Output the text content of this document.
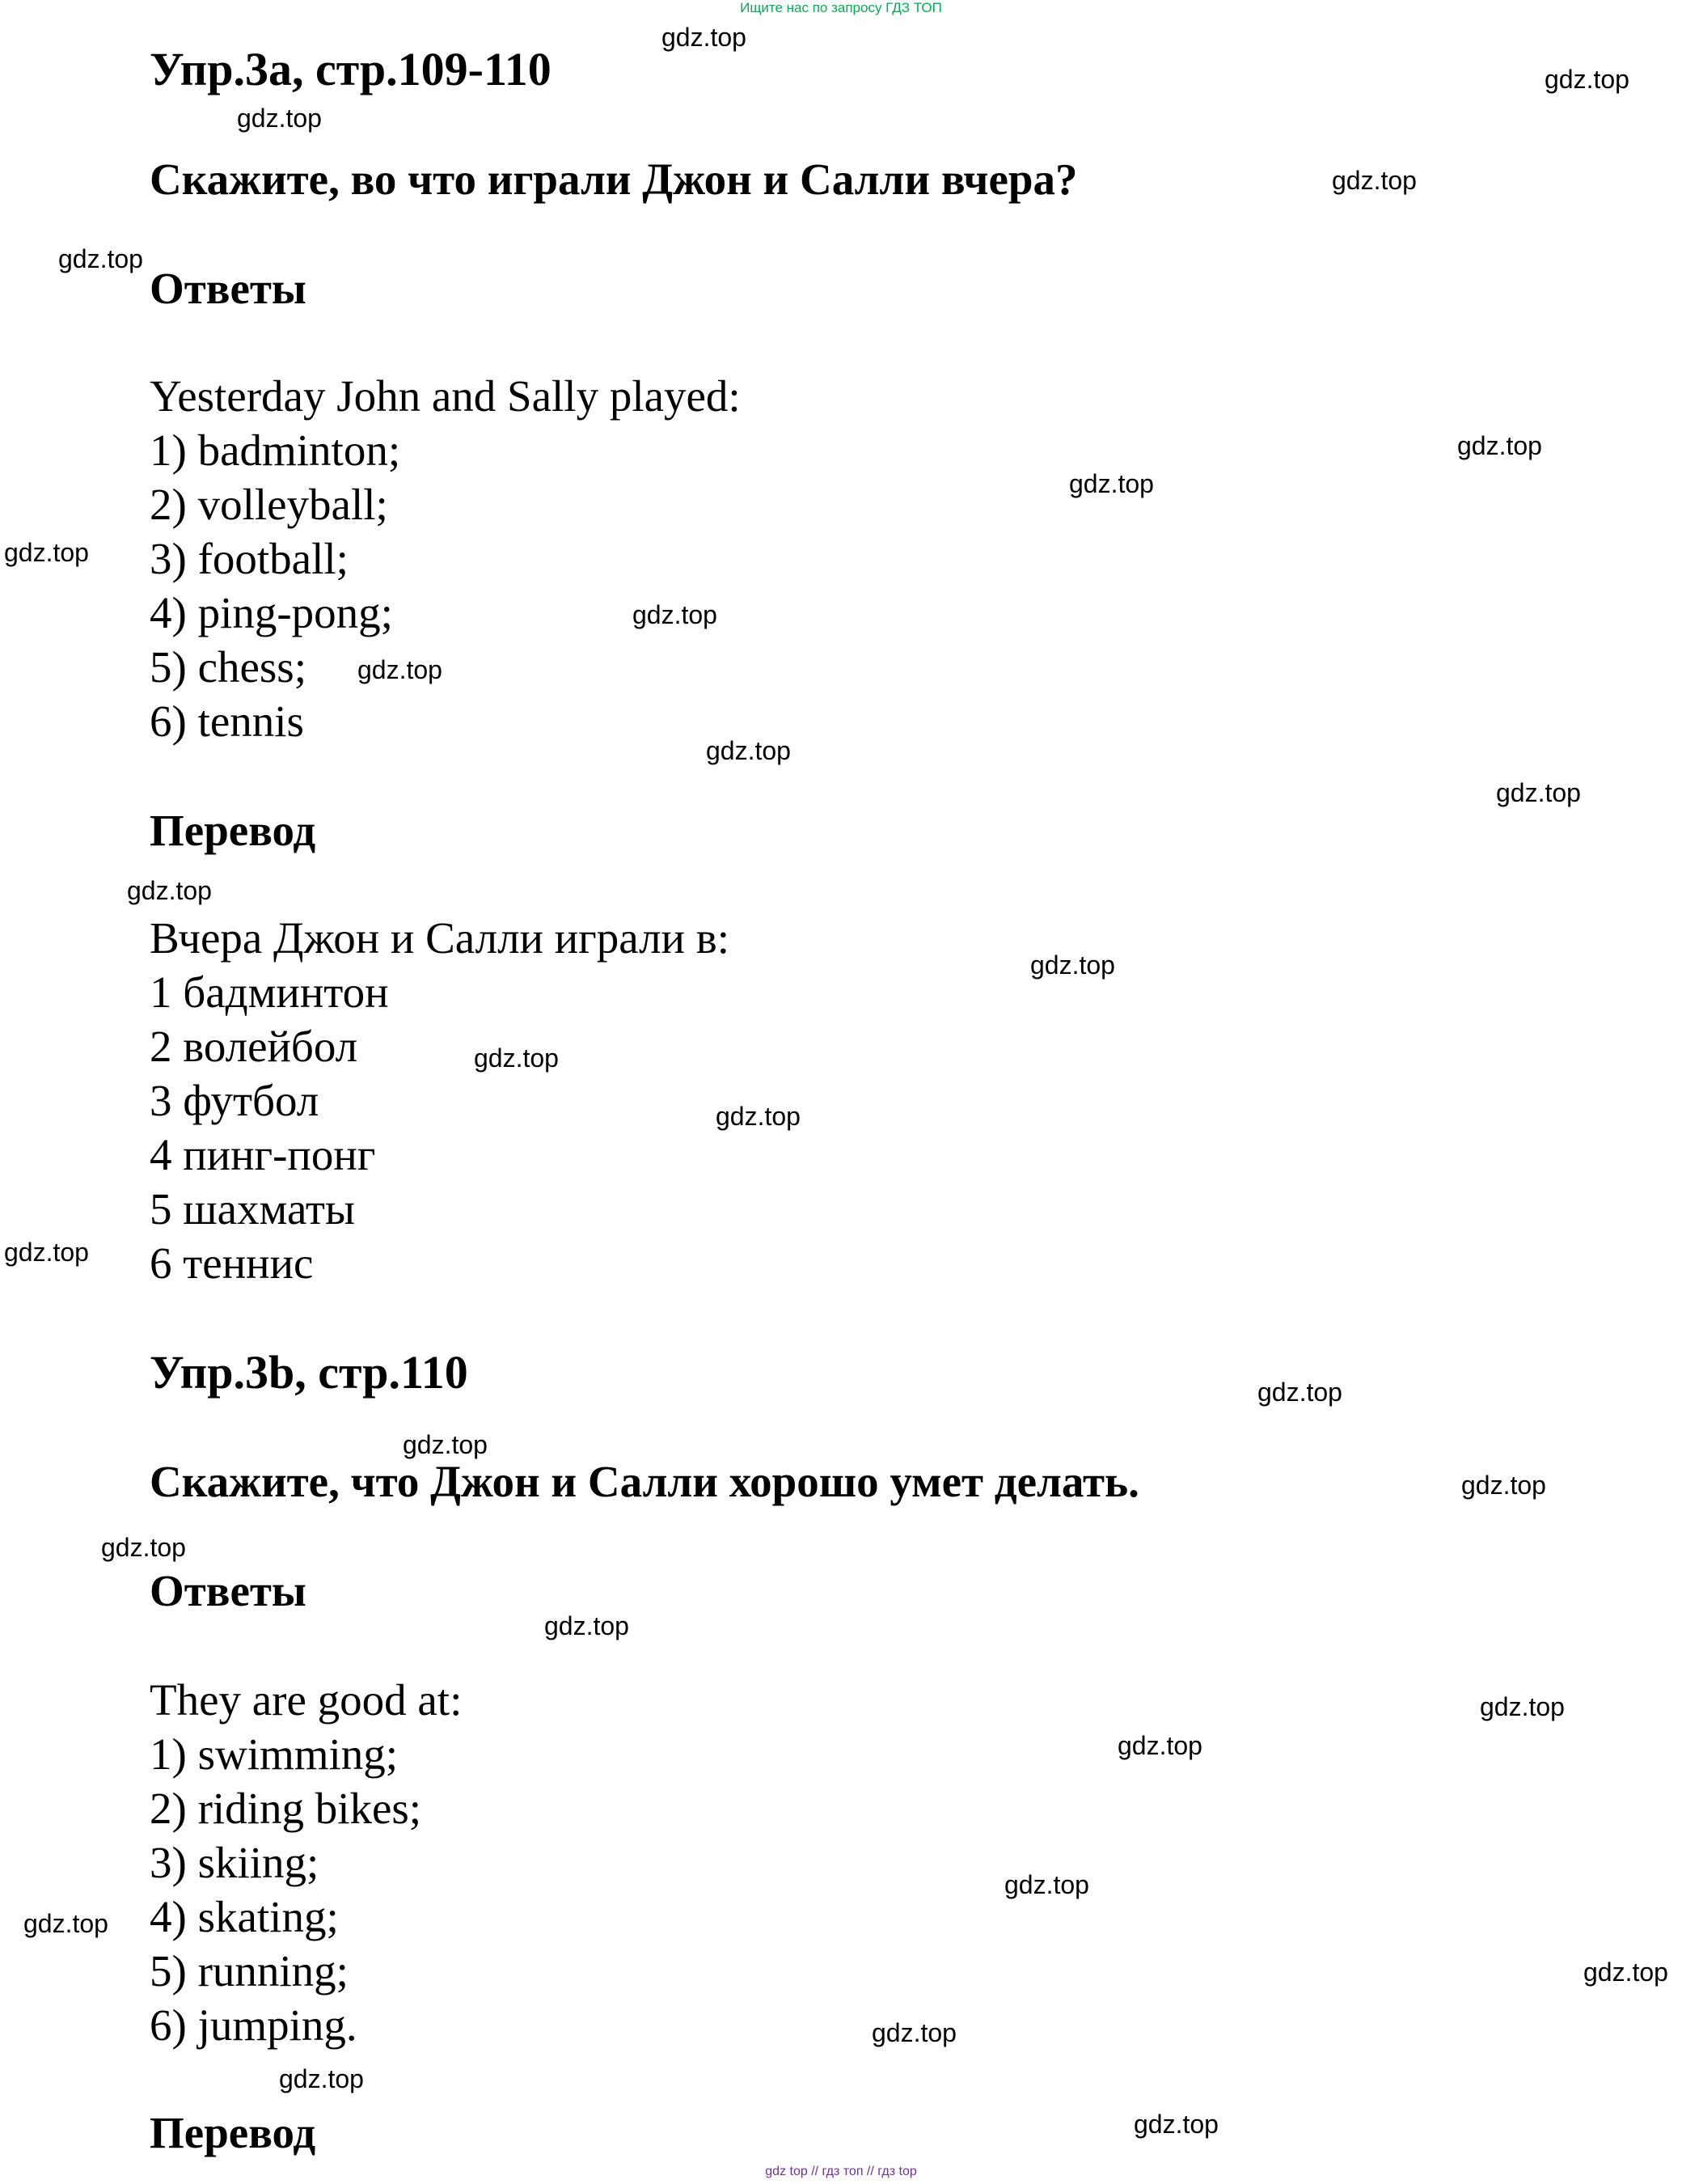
Ищите нас по запросу ГДЗ ТОП
Упр.3а, стр.109-110
Скажите, во что играли Джон и Салли вчера?
Ответы
Yesterday John and Sally played:
1) badminton;
2) volleyball;
3) football;
4) ping-pong;
5) chess;
6) tennis
Перевод
Вчера Джон и Салли играли в:
1 бадминтон
2 волейбол
3 футбол
4 пинг-понг
5 шахматы
6 теннис
Упр.3b, стр.110
Скажите, что Джон и Салли хорошо умет делать.
Ответы
They are good at:
1) swimming;
2) riding bikes;
3) skiing;
4) skating;
5) running;
6) jumping.
Перевод
gdz.top
gdz.top
gdz.top
gdz.top
gdz.top
gdz.top
gdz.top
gdz.top
gdz.top
gdz.top
gdz.top
gdz.top
gdz.top
gdz.top
gdz.top
gdz.top
gdz.top
gdz.top
gdz.top
gdz.top
gdz.top
gdz.top
gdz.top
gdz.top
gdz.top
gdz.top
gdz.top
gdz.top
gdz.top
gdz.top
gdz top // гдз топ // гдз top
